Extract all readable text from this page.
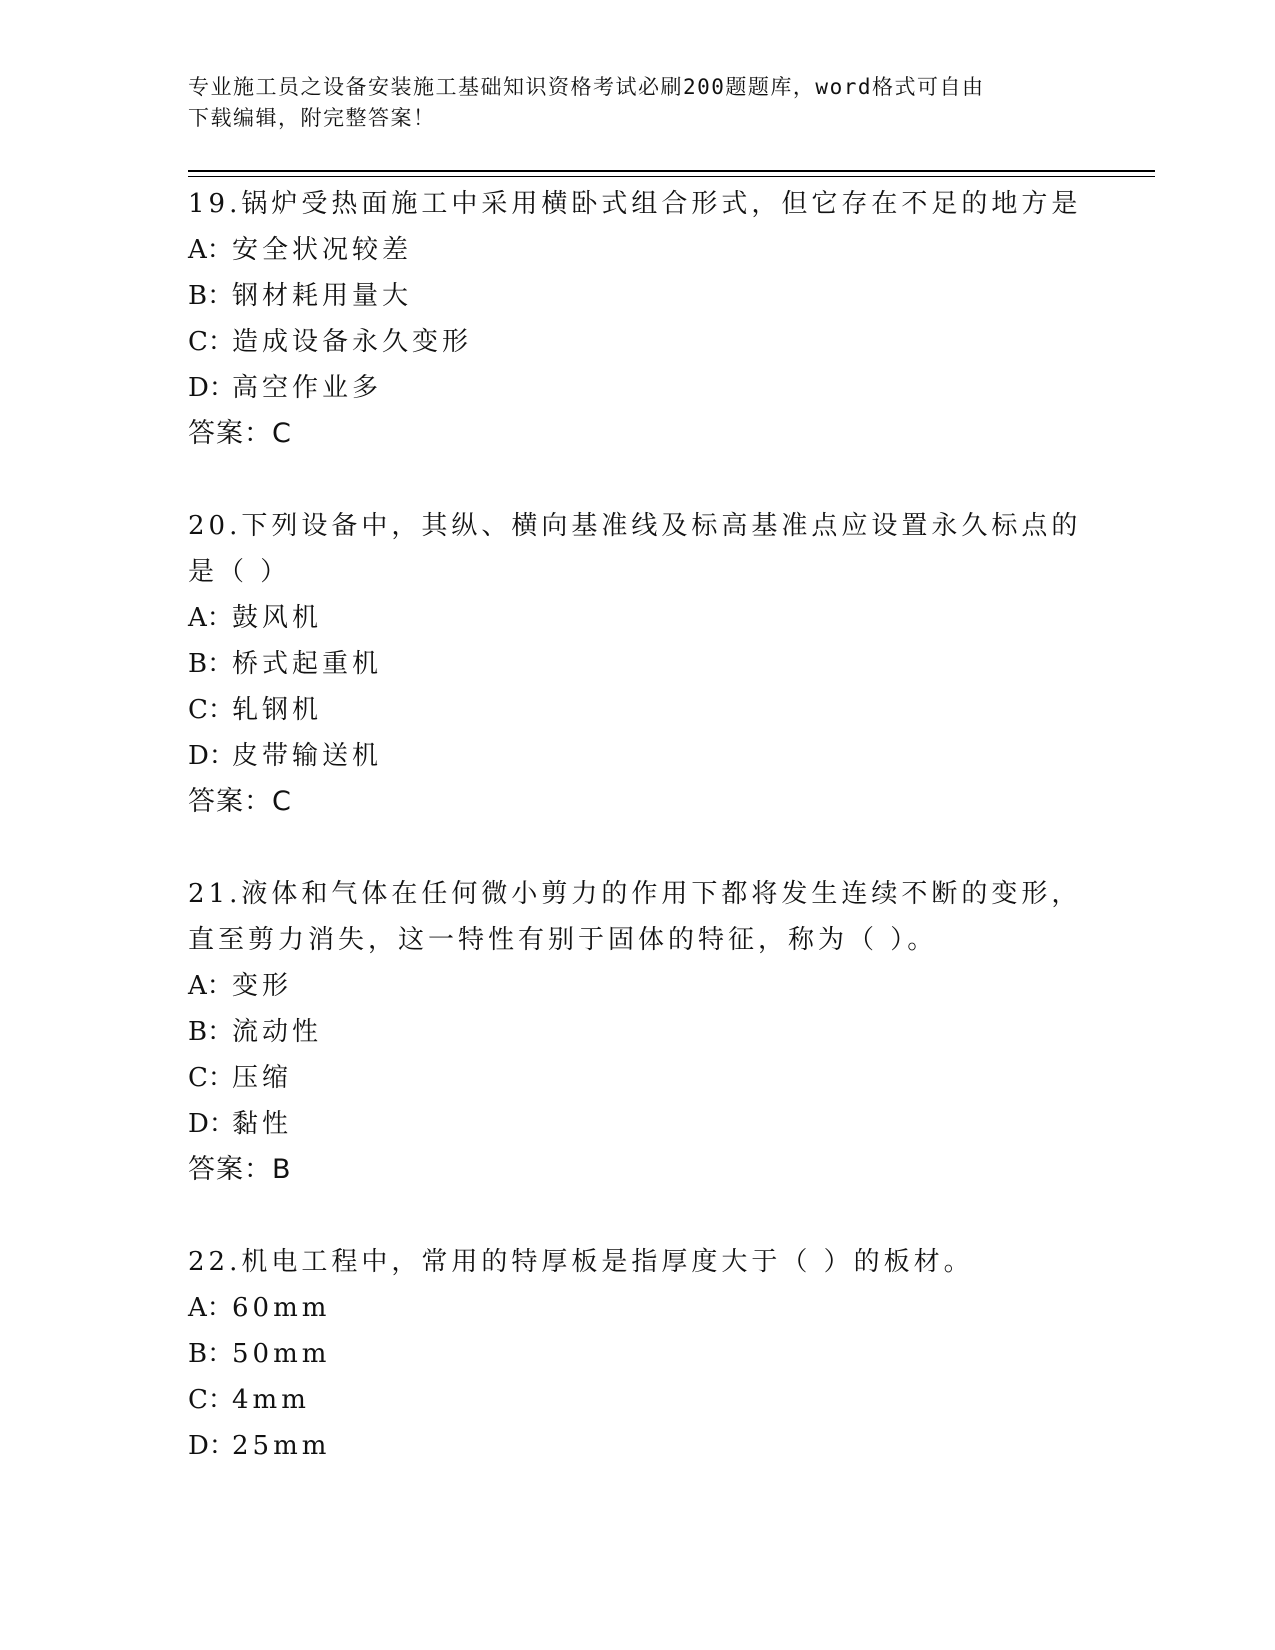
专业施工员之设备安装施工基础知识资格考试必刷200题题库，word格式可自由
下载编辑，附完整答案！
19.锅炉受热面施工中采用横卧式组合形式，但它存在不足的地方是
A：安全状况较差
B：钢材耗用量大
C：造成设备永久变形
D：高空作业多
答案：C
20.下列设备中，其纵、横向基准线及标高基准点应设置永久标点的是（ ）
A：鼓风机
B：桥式起重机
C：轧钢机
D：皮带输送机
答案：C
21.液体和气体在任何微小剪力的作用下都将发生连续不断的变形，直至剪力消失，这一特性有别于固体的特征，称为（ ）。
A：变形
B：流动性
C：压缩
D：黏性
答案：B
22.机电工程中，常用的特厚板是指厚度大于（ ）的板材。
A：60mm
B：50mm
C：4mm
D：25mm
